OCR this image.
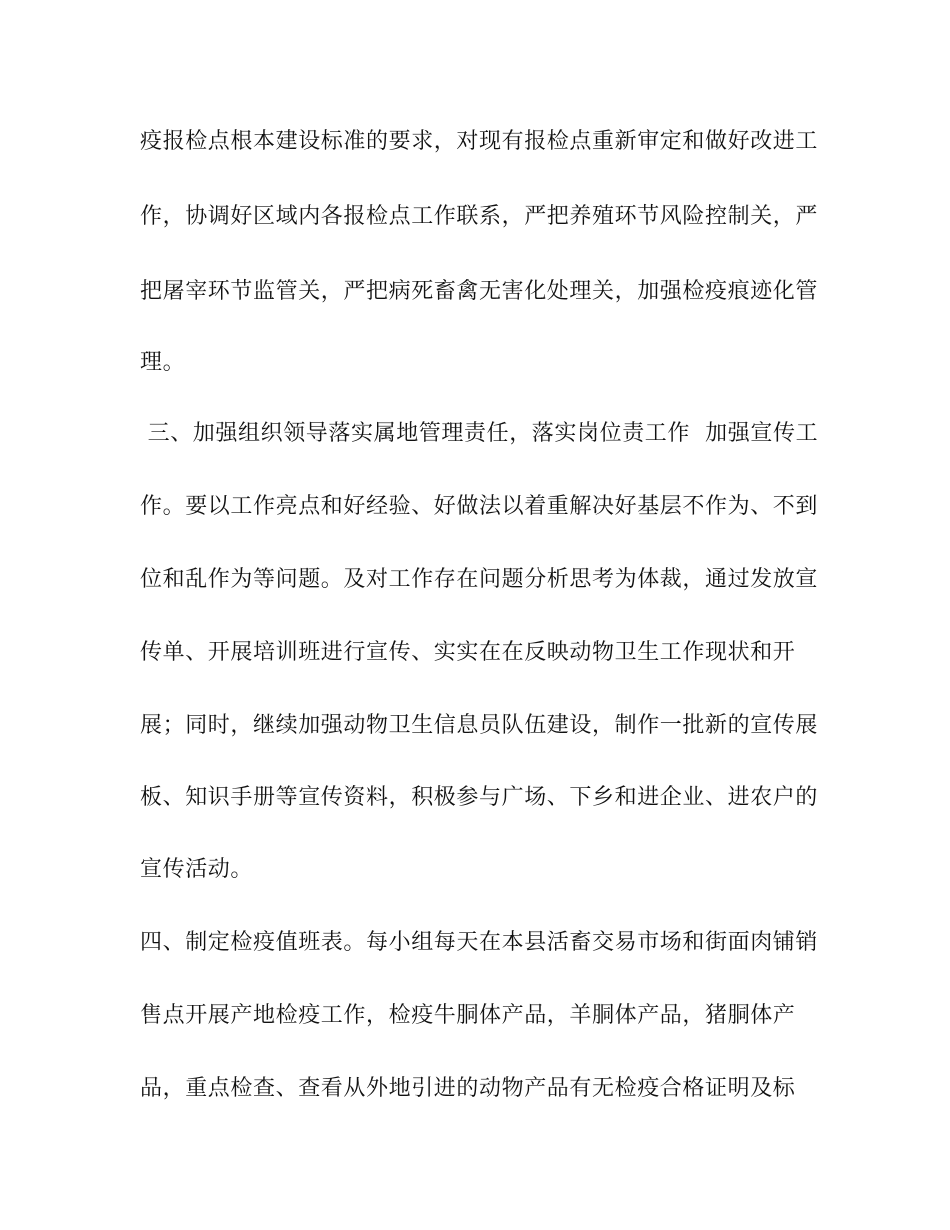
疫报检点根本建设标准的要求，对现有报检点重新审定和做好改进工
作，协调好区域内各报检点工作联系，严把养殖环节风险控制关，严
把屠宰环节监管关，严把病死畜禽无害化处理关，加强检疫痕迹化管
理。
三、加强组织领导落实属地管理责任，落实岗位责工作  加强宣传工
作。要以工作亮点和好经验、好做法以着重解决好基层不作为、不到
位和乱作为等问题。及对工作存在问题分析思考为体裁，通过发放宣
传单、开展培训班进行宣传、实实在在反映动物卫生工作现状和开
展；同时，继续加强动物卫生信息员队伍建设，制作一批新的宣传展
板、知识手册等宣传资料，积极参与广场、下乡和进企业、进农户的
宣传活动。
四、制定检疫值班表。每小组每天在本县活畜交易市场和街面肉铺销
售点开展产地检疫工作，检疫牛胴体产品，羊胴体产品，猪胴体产
品，重点检查、查看从外地引进的动物产品有无检疫合格证明及标
